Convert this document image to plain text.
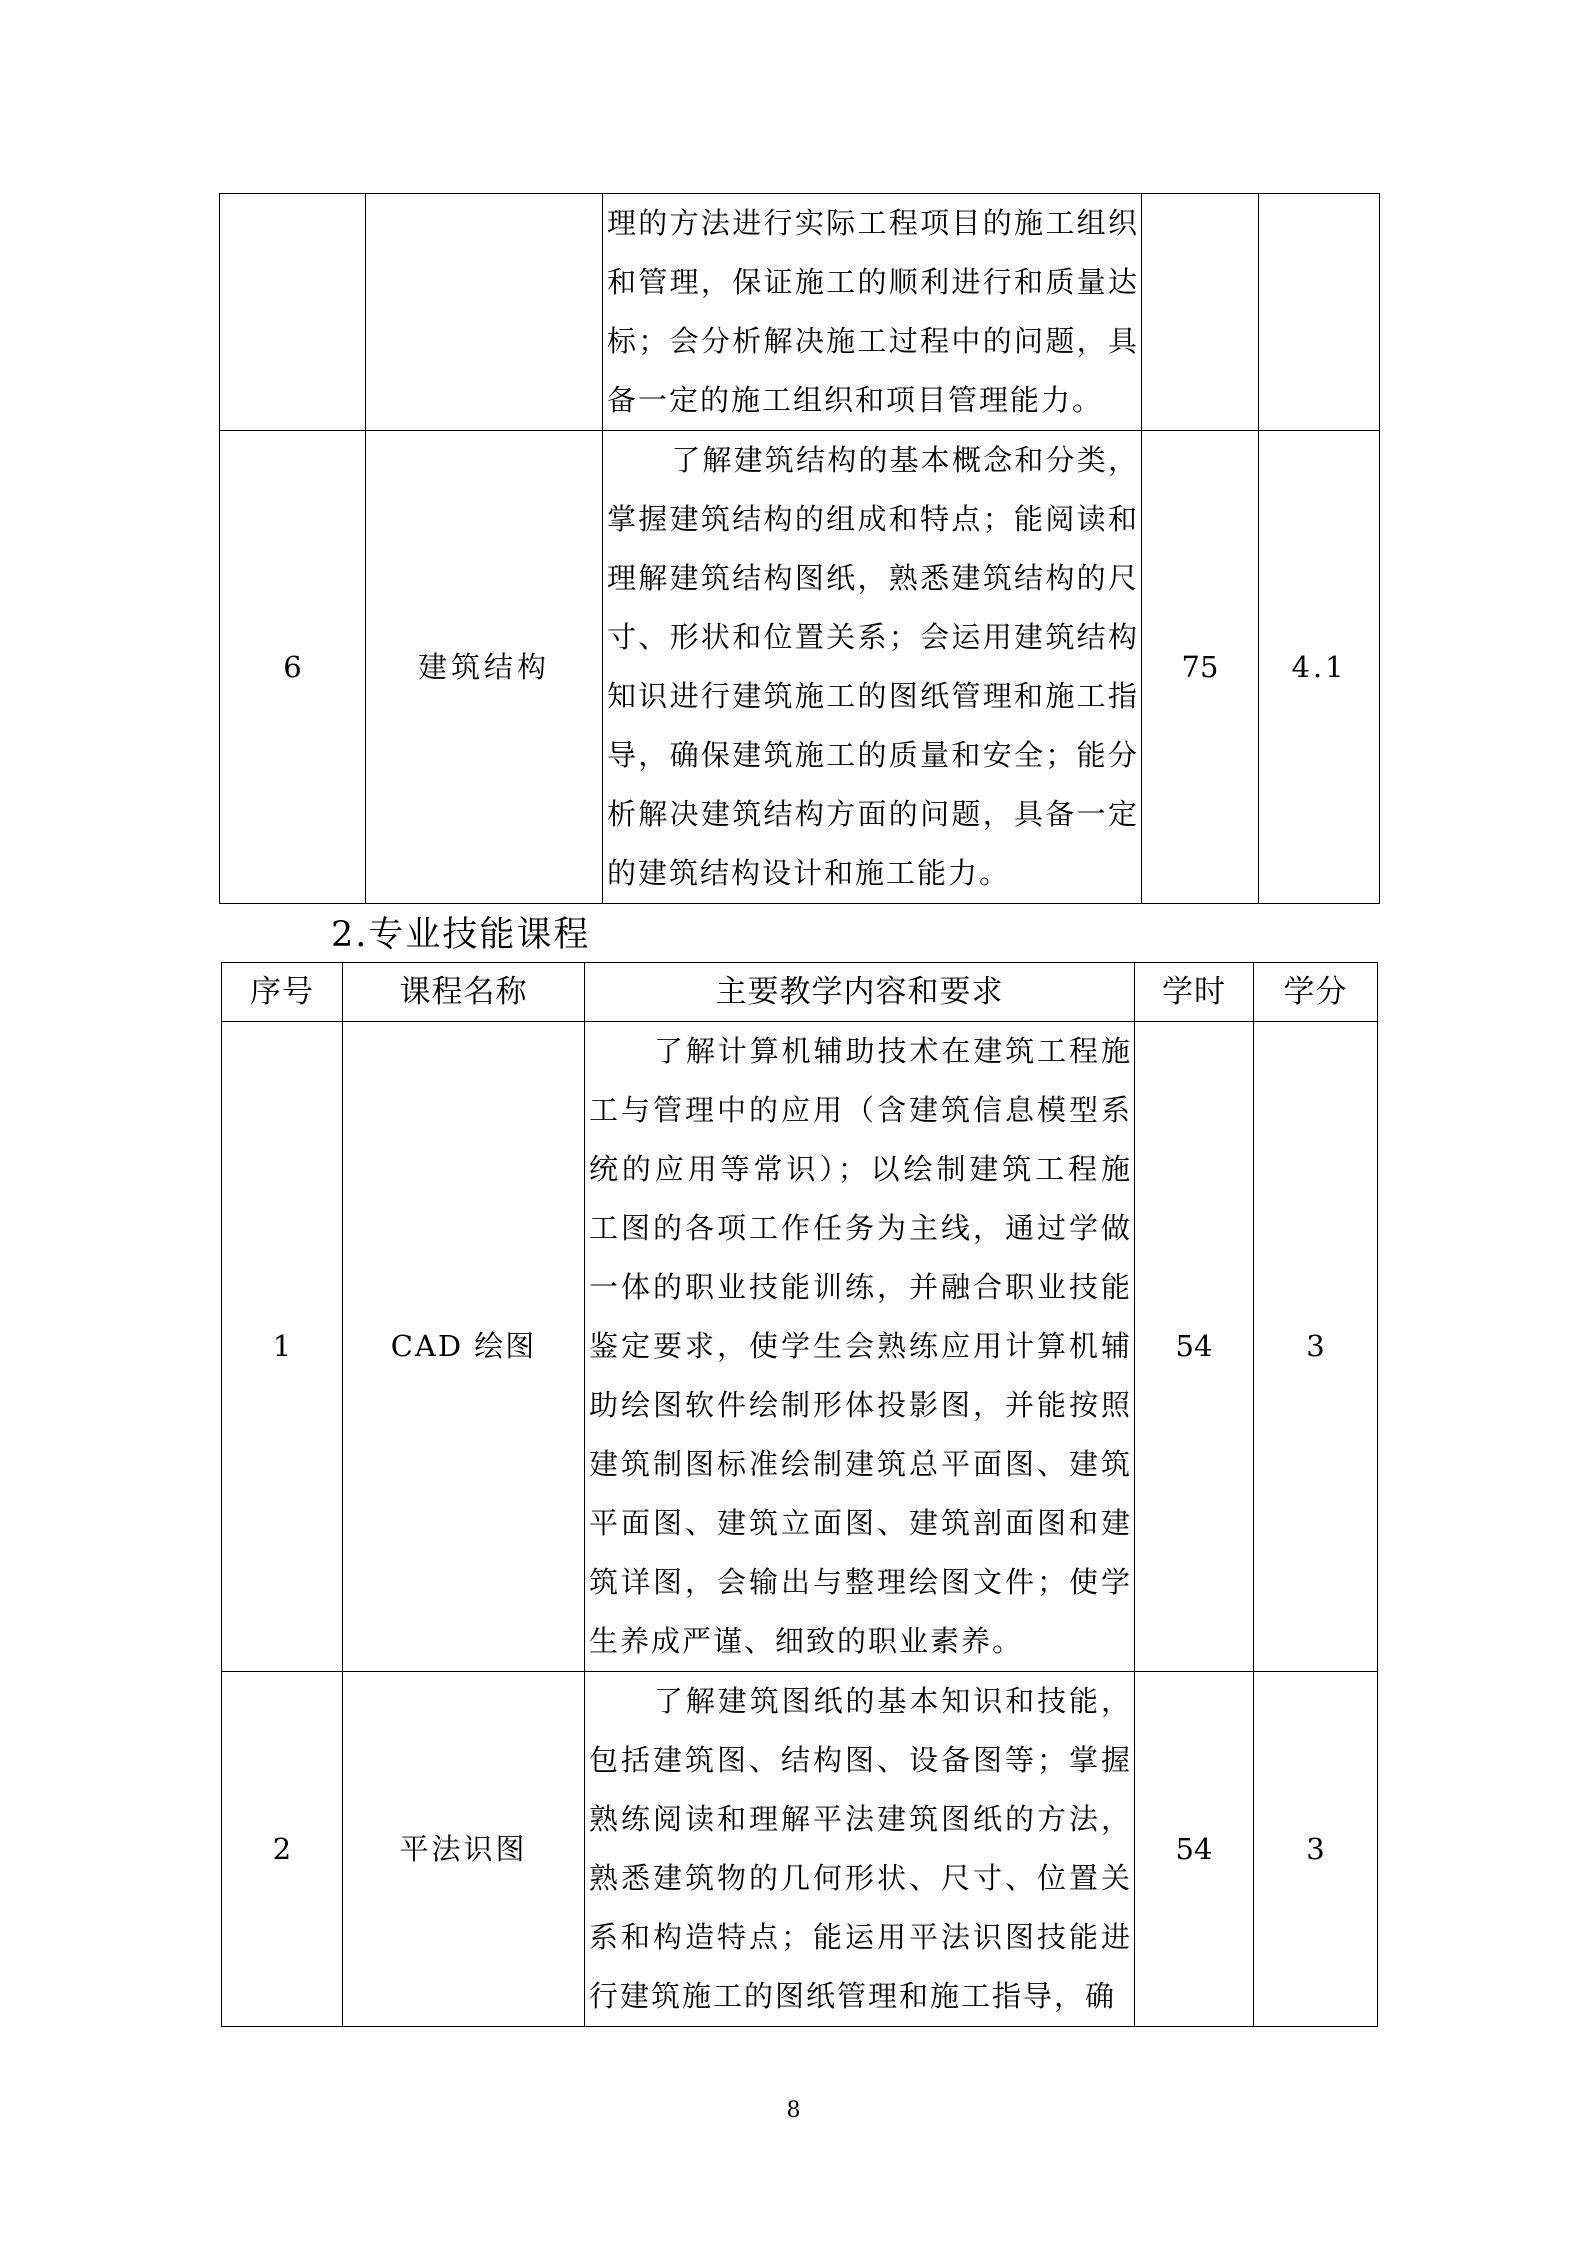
		理的方法进行实际工程项目的施工组织和管理，保证施工的顺利进行和质量达标；会分析解决施工过程中的问题，具备一定的施工组织和项目管理能力。		
6	建筑结构	了解建筑结构的基本概念和分类，掌握建筑结构的组成和特点；能阅读和理解建筑结构图纸，熟悉建筑结构的尺寸、形状和位置关系；会运用建筑结构知识进行建筑施工的图纸管理和施工指导，确保建筑施工的质量和安全；能分析解决建筑结构方面的问题，具备一定的建筑结构设计和施工能力。	75	4.1
2.专业技能课程
序号	课程名称	主要教学内容和要求	学时	学分
1	CAD 绘图	了解计算机辅助技术在建筑工程施工与管理中的应用（含建筑信息模型系统的应用等常识）；以绘制建筑工程施工图的各项工作任务为主线，通过学做一体的职业技能训练，并融合职业技能鉴定要求，使学生会熟练应用计算机辅助绘图软件绘制形体投影图，并能按照建筑制图标准绘制建筑总平面图、建筑平面图、建筑立面图、建筑剖面图和建筑详图，会输出与整理绘图文件；使学生养成严谨、细致的职业素养。	54	3
2	平法识图	了解建筑图纸的基本知识和技能，包括建筑图、结构图、设备图等；掌握熟练阅读和理解平法建筑图纸的方法，熟悉建筑物的几何形状、尺寸、位置关系和构造特点；能运用平法识图技能进行建筑施工的图纸管理和施工指导，确	54	3
8
